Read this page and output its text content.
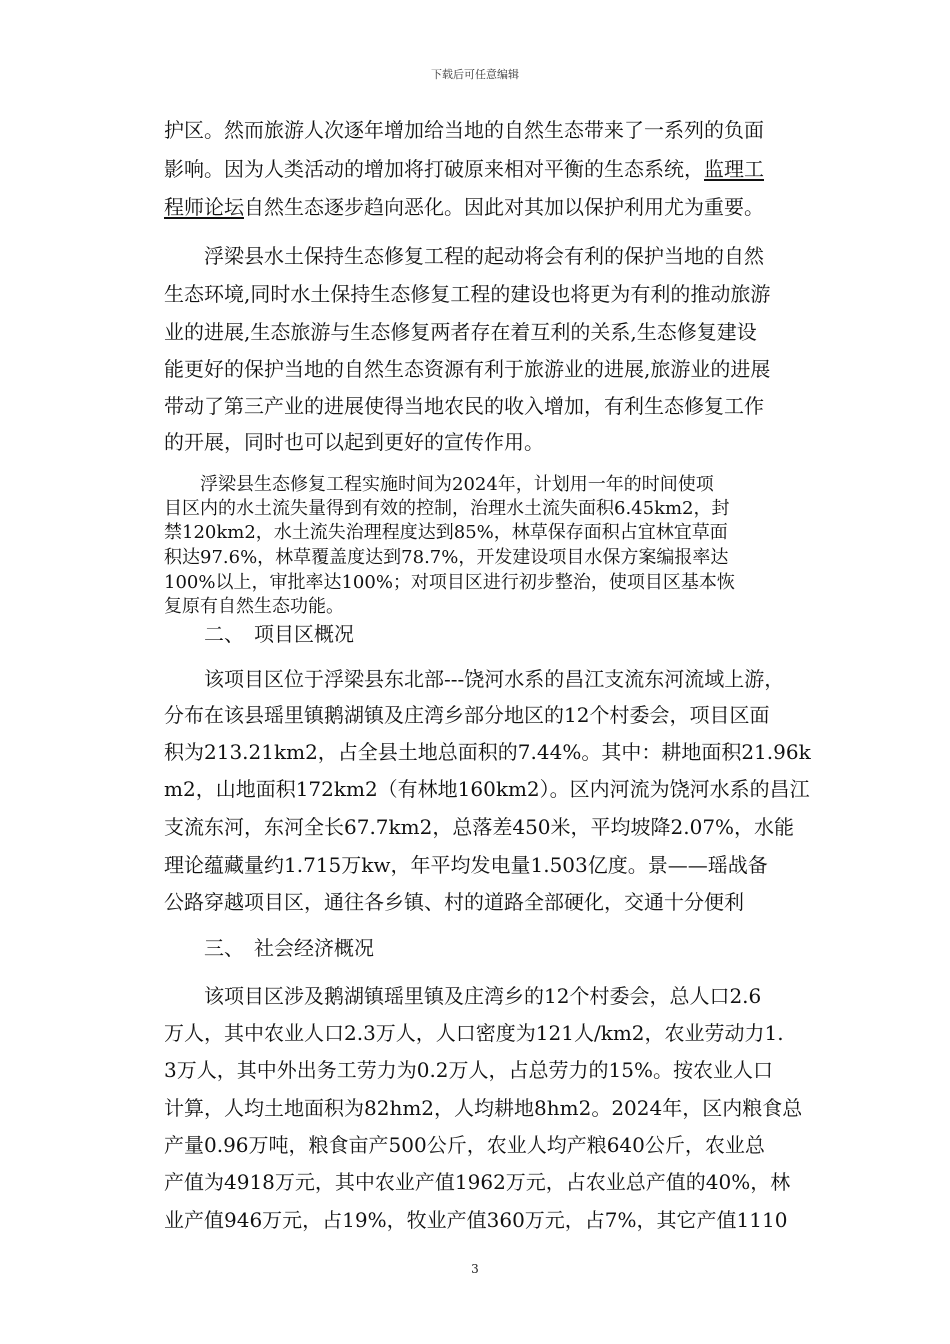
下载后可任意编辑
护区。然而旅游人次逐年增加给当地的自然生态带来了一系列的负面
影响。因为人类活动的增加将打破原来相对平衡的生态系统，监理工
程师论坛自然生态逐步趋向恶化。因此对其加以保护利用尤为重要。
　　浮梁县水土保持生态修复工程的起动将会有利的保护当地的自然
生态环境,同时水土保持生态修复工程的建设也将更为有利的推动旅游
业的进展,生态旅游与生态修复两者存在着互利的关系,生态修复建设
能更好的保护当地的自然生态资源有利于旅游业的进展,旅游业的进展
带动了第三产业的进展使得当地农民的收入增加，有利生态修复工作
的开展，同时也可以起到更好的宣传作用。
　　浮梁县生态修复工程实施时间为2024年，计划用一年的时间使项
目区内的水土流失量得到有效的控制，治理水土流失面积6.45km2，封
禁120km2，水土流失治理程度达到85%，林草保存面积占宜林宜草面
积达97.6%，林草覆盖度达到78.7%，开发建设项目水保方案编报率达
100%以上，审批率达100%；对项目区进行初步整治，使项目区基本恢
复原有自然生态功能。
二、　项目区概况
　　该项目区位于浮梁县东北部---饶河水系的昌江支流东河流域上游，
分布在该县瑶里镇鹅湖镇及庄湾乡部分地区的12个村委会，项目区面
积为213.21km2，占全县土地总面积的7.44%。其中：耕地面积21.96k
m2，山地面积172km2（有林地160km2）。区内河流为饶河水系的昌江
支流东河，东河全长67.7km2，总落差450米，平均坡降2.07%，水能
理论蕴藏量约1.715万kw，年平均发电量1.503亿度。景——瑶战备
公路穿越项目区，通往各乡镇、村的道路全部硬化，交通十分便利
三、　社会经济概况
　　该项目区涉及鹅湖镇瑶里镇及庄湾乡的12个村委会，总人口2.6
万人，其中农业人口2.3万人，人口密度为121人/km2，农业劳动力1.
3万人，其中外出务工劳力为0.2万人，占总劳力的15%。按农业人口
计算，人均土地面积为82hm2，人均耕地8hm2。2024年，区内粮食总
产量0.96万吨，粮食亩产500公斤，农业人均产粮640公斤，农业总
产值为4918万元，其中农业产值1962万元，占农业总产值的40%，林
业产值946万元，占19%，牧业产值360万元，占7%，其它产值1110
3
